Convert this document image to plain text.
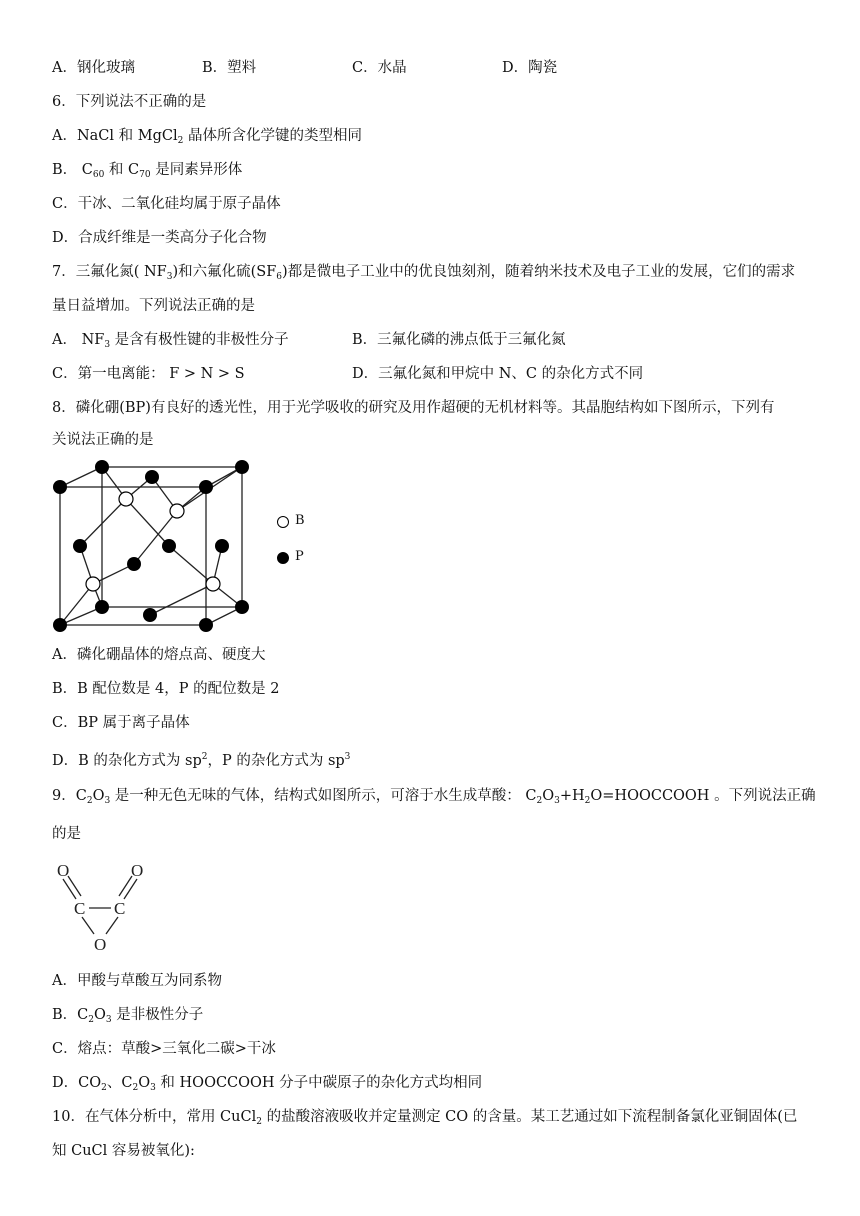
A．钢化玻璃	B．塑料	C．水晶	D．陶瓷
6．下列说法不正确的是
A．NaCl 和 MgCl$_2$ 晶体所含化学键的类型相同
B． $C_{60}$ 和 $C_{70}$ 是同素异形体
C．干冰、二氧化硅均属于原子晶体
D．合成纤维是一类高分子化合物
7．三氟化氮( $NF_3$)和六氟化硫$(SF_6)$都是微电子工业中的优良蚀刻剂，随着纳米技术及电子工业的发展，它们的需求
量日益增加。下列说法正确的是
A． $NF_3$ 是含有极性键的非极性分子	B．三氟化磷的沸点低于三氟化氮
C．第一电离能： F > N > S	D．三氟化氮和甲烷中 N、C 的杂化方式不同
8．磷化硼(BP)有良好的透光性，用于光学吸收的研究及用作超硬的无机材料等。其晶胞结构如下图所示，下列有
关说法正确的是
B
P
A．磷化硼晶体的熔点高、硬度大
B．B 配位数是 4，P 的配位数是 2
C．BP 属于离子晶体
D．B 的杂化方式为 $sp^2$，P 的杂化方式为 $sp^3$
9．$C_2O_3$ 是一种无色无味的气体，结构式如图所示，可溶于水生成草酸： $C_2O_3+H_2O=HOOCCOOH$ 。下列说法正确
的是
O	O
C C
O
A．甲酸与草酸互为同系物
B．$C_2O_3$ 是非极性分子
C．熔点：草酸>三氧化二碳>干冰
D．$CO_2$、$C_2O_3$ 和 HOOCCOOH 分子中碳原子的杂化方式均相同
10．在气体分析中，常用 CuCl$_2$ 的盐酸溶液吸收并定量测定 CO 的含量。某工艺通过如下流程制备氯化亚铜固体(已
知 CuCl 容易被氧化):
